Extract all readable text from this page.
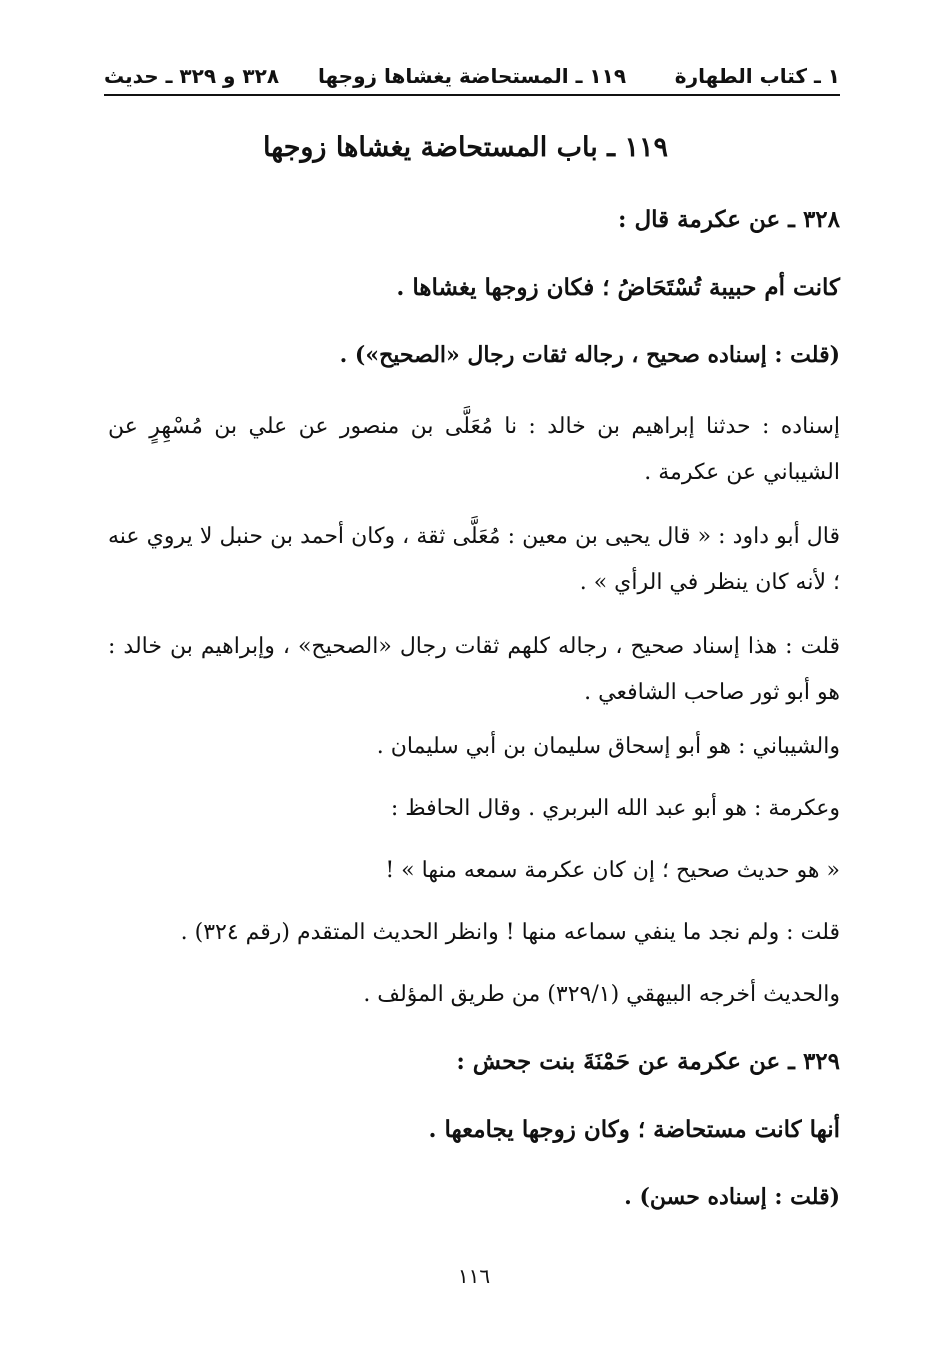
١ ـ كتاب الطهارة
١١٩ ـ المستحاضة يغشاها زوجها
٣٢٨ و ٣٢٩ ـ حديث
١١٩ ـ باب المستحاضة يغشاها زوجها
٣٢٨ ـ عن عكرمة قال :
كانت أم حبيبة تُسْتَحَاضُ ؛ فكان زوجها يغشاها .
(قلت : إسناده صحيح ، رجاله ثقات رجال «الصحيح») .
إسناده : حدثنا إبراهيم بن خالد : نا مُعَلَّى بن منصور عن علي بن مُسْهِرٍ عن الشيباني عن عكرمة .
قال أبو داود : « قال يحيى بن معين : مُعَلَّى ثقة ، وكان أحمد بن حنبل لا يروي عنه ؛ لأنه كان ينظر في الرأي » .
قلت : هذا إسناد صحيح ، رجاله كلهم ثقات رجال «الصحيح» ، وإبراهيم بن خالد : هو أبو ثور صاحب الشافعي .
والشيباني : هو أبو إسحاق سليمان بن أبي سليمان .
وعكرمة : هو أبو عبد الله البربري . وقال الحافظ :
« هو حديث صحيح ؛ إن كان عكرمة سمعه منها » !
قلت : ولم نجد ما ينفي سماعه منها ! وانظر الحديث المتقدم (رقم ٣٢٤) .
والحديث أخرجه البيهقي (٣٢٩/١) من طريق المؤلف .
٣٢٩ ـ عن عكرمة عن حَمْنَةَ بنت جحش :
أنها كانت مستحاضة ؛ وكان زوجها يجامعها .
(قلت : إسناده حسن) .
١١٦
